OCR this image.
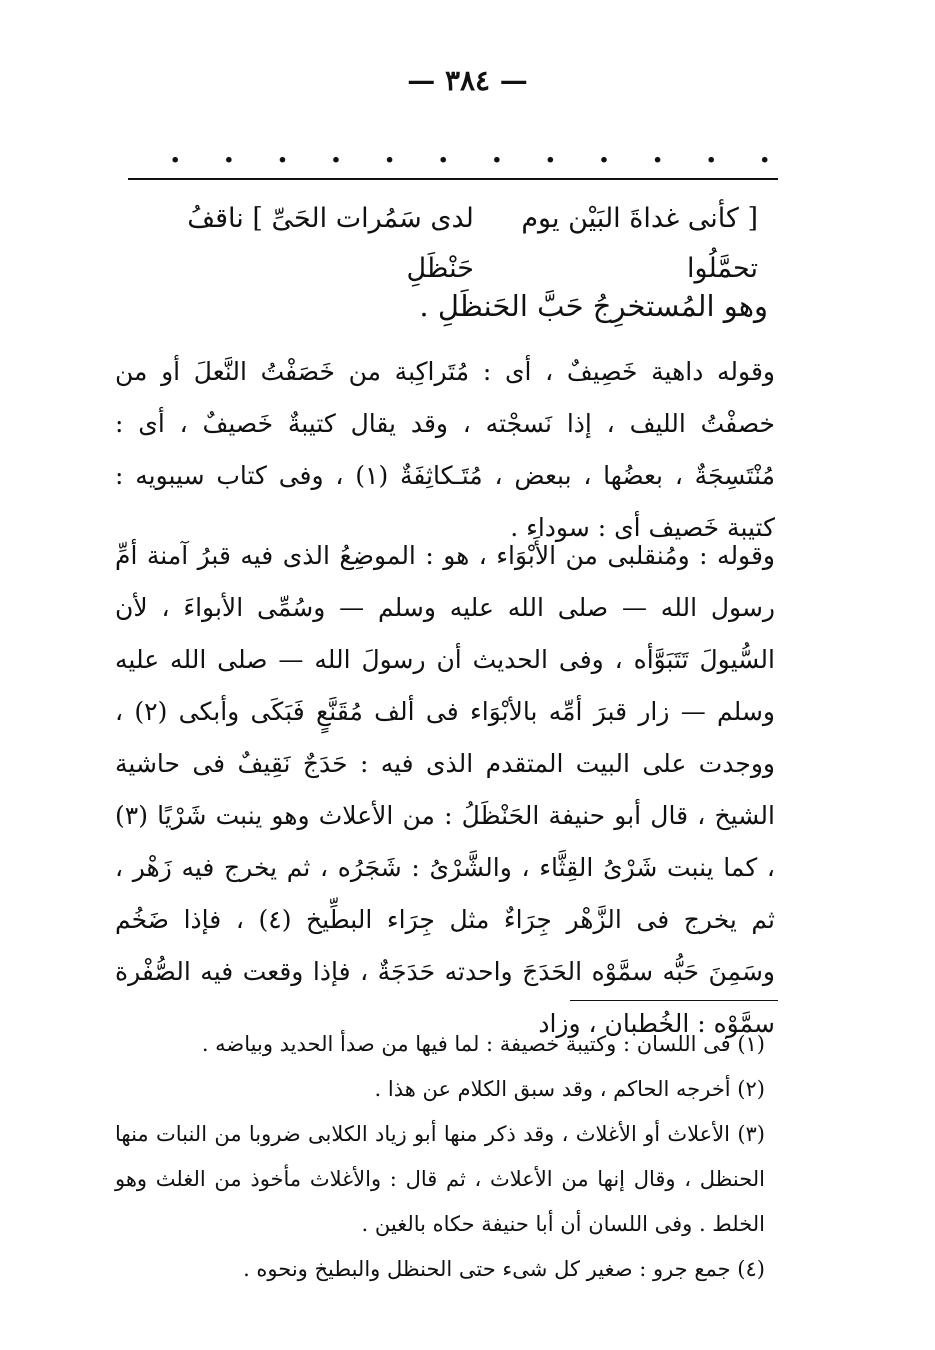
— ٣٨٤ —
. . . . . . . . . . . .
[ كأنى غداةَ البَيْن يوم تحمَّلُوا
لدى سَمُرات الحَىِّ ] ناقفُ حَنْظَلِ
وهو المُستخرِجُ حَبَّ الحَنظَلِ .

وقوله داهية خَصِيفٌ ، أى : مُتَراكِبة من خَصَفْتُ النَّعلَ أو من خصفْتُ الليف ، إذا نَسجْته ، وقد يقال كتيبةٌ خَصيفٌ ، أى : مُنْتَسِجَةٌ ، بعضُها ، ببعض ، مُتَـكاثِفَةٌ (١) ، وفى كتاب سيبويه : كتيبة خَصيف أى : سوداء .

وقوله : ومُنقلبى من الأَبْوَاء ، هو : الموضِعُ الذى فيه قبرُ آمنة أمِّ رسول الله — صلى الله عليه وسلم — وسُمِّى الأبواءَ ، لأن السُّيولَ تَتَبَوَّأه ، وفى الحديث أن رسولَ الله — صلى الله عليه وسلم — زار قبرَ أمِّه بالأبْوَاء فى ألف مُقَنَّعٍ فَبَكَى وأبكى (٢) ، ووجدت على البيت المتقدم الذى فيه : حَدَجٌ نَقِيفٌ فى حاشية الشيخ ، قال أبو حنيفة الحَنْظَلُ : من الأعلاث وهو ينبت شَرْيًا (٣) ، كما ينبت شَرْىُ القِثَّاء ، والشَّرْىُ : شَجَرُه ، ثم يخرج فيه زَهْر ، ثم يخرج فى الزَّهْر جِرَاءٌ مثل جِرَاء البطِّيخ (٤) ، فإذا ضَخُم وسَمِنَ حَبُّه سمَّوْه الحَدَجَ واحدته حَدَجَةٌ ، فإذا وقعت فيه الصُّفْرة سمَّوْه : الخُطبان ، وزاد

(١) فى اللسان : وكتيبة خصيفة : لما فيها من صدأ الحديد وبياضه .
(٢) أخرجه الحاكم ، وقد سبق الكلام عن هذا .
(٣) الأعلاث أو الأغلاث ، وقد ذكر منها أبو زياد الكلابى ضروبا من النبات منها الحنظل ، وقال إنها من الأعلاث ، ثم قال : والأغلاث مأخوذ من الغلث وهو الخلط . وفى اللسان أن أبا حنيفة حكاه بالغين .
(٤) جمع جرو : صغير كل شىء حتى الحنظل والبطيخ ونحوه .
